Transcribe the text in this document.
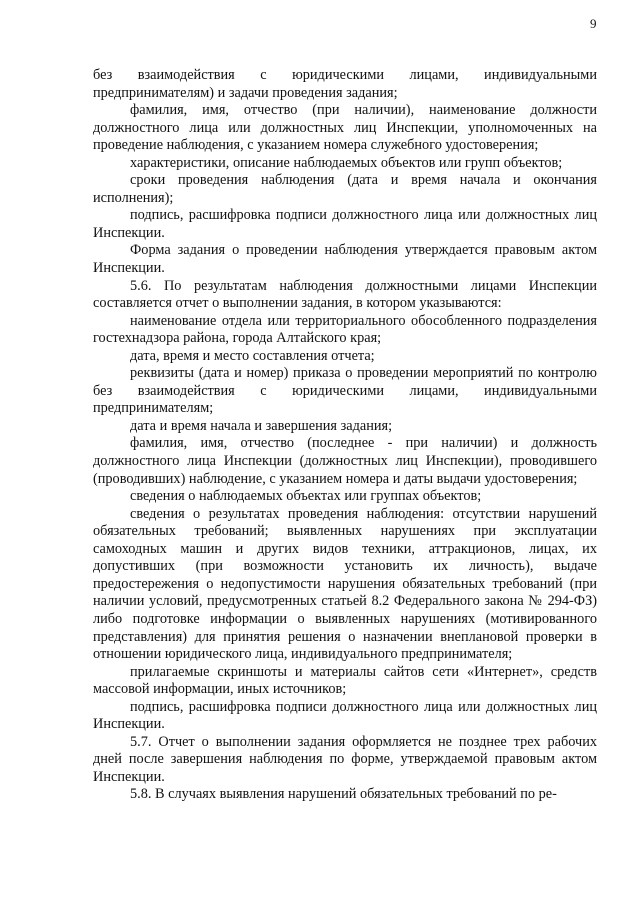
9

без взаимодействия с юридическими лицами, индивидуальными предпринимателям) и задачи проведения задания;

фамилия, имя, отчество (при наличии), наименование должности должностного лица или должностных лиц Инспекции, уполномоченных на проведение наблюдения, с указанием номера служебного удостоверения;

характеристики, описание наблюдаемых объектов или групп объектов;

сроки проведения наблюдения (дата и время начала и окончания исполнения);

подпись, расшифровка подписи должностного лица или должностных лиц Инспекции.

Форма задания о проведении наблюдения утверждается правовым актом Инспекции.

5.6. По результатам наблюдения должностными лицами Инспекции составляется отчет о выполнении задания, в котором указываются:

наименование отдела или территориального обособленного подразделения гостехнадзора района, города Алтайского края;

дата, время и место составления отчета;

реквизиты (дата и номер) приказа о проведении мероприятий по контролю без взаимодействия с юридическими лицами, индивидуальными предпринимателям;

дата и время начала и завершения задания;

фамилия, имя, отчество (последнее - при наличии) и должность должностного лица Инспекции (должностных лиц Инспекции), проводившего (проводивших) наблюдение, с указанием номера и даты выдачи удостоверения;

сведения о наблюдаемых объектах или группах объектов;

сведения о результатах проведения наблюдения: отсутствии нарушений обязательных требований; выявленных нарушениях при эксплуатации самоходных машин и других видов техники, аттракционов, лицах, их допустивших (при возможности установить их личность), выдаче предостережения о недопустимости нарушения обязательных требований (при наличии условий, предусмотренных статьей 8.2 Федерального закона № 294-ФЗ) либо подготовке информации о выявленных нарушениях (мотивированного представления) для принятия решения о назначении внеплановой проверки в отношении юридического лица, индивидуального предпринимателя;

прилагаемые скриншоты и материалы сайтов сети «Интернет», средств массовой информации, иных источников;

подпись, расшифровка подписи должностного лица или должностных лиц Инспекции.

5.7. Отчет о выполнении задания оформляется не позднее трех рабочих дней после завершения наблюдения по форме, утверждаемой правовым актом Инспекции.

5.8. В случаях выявления нарушений обязательных требований по ре-
